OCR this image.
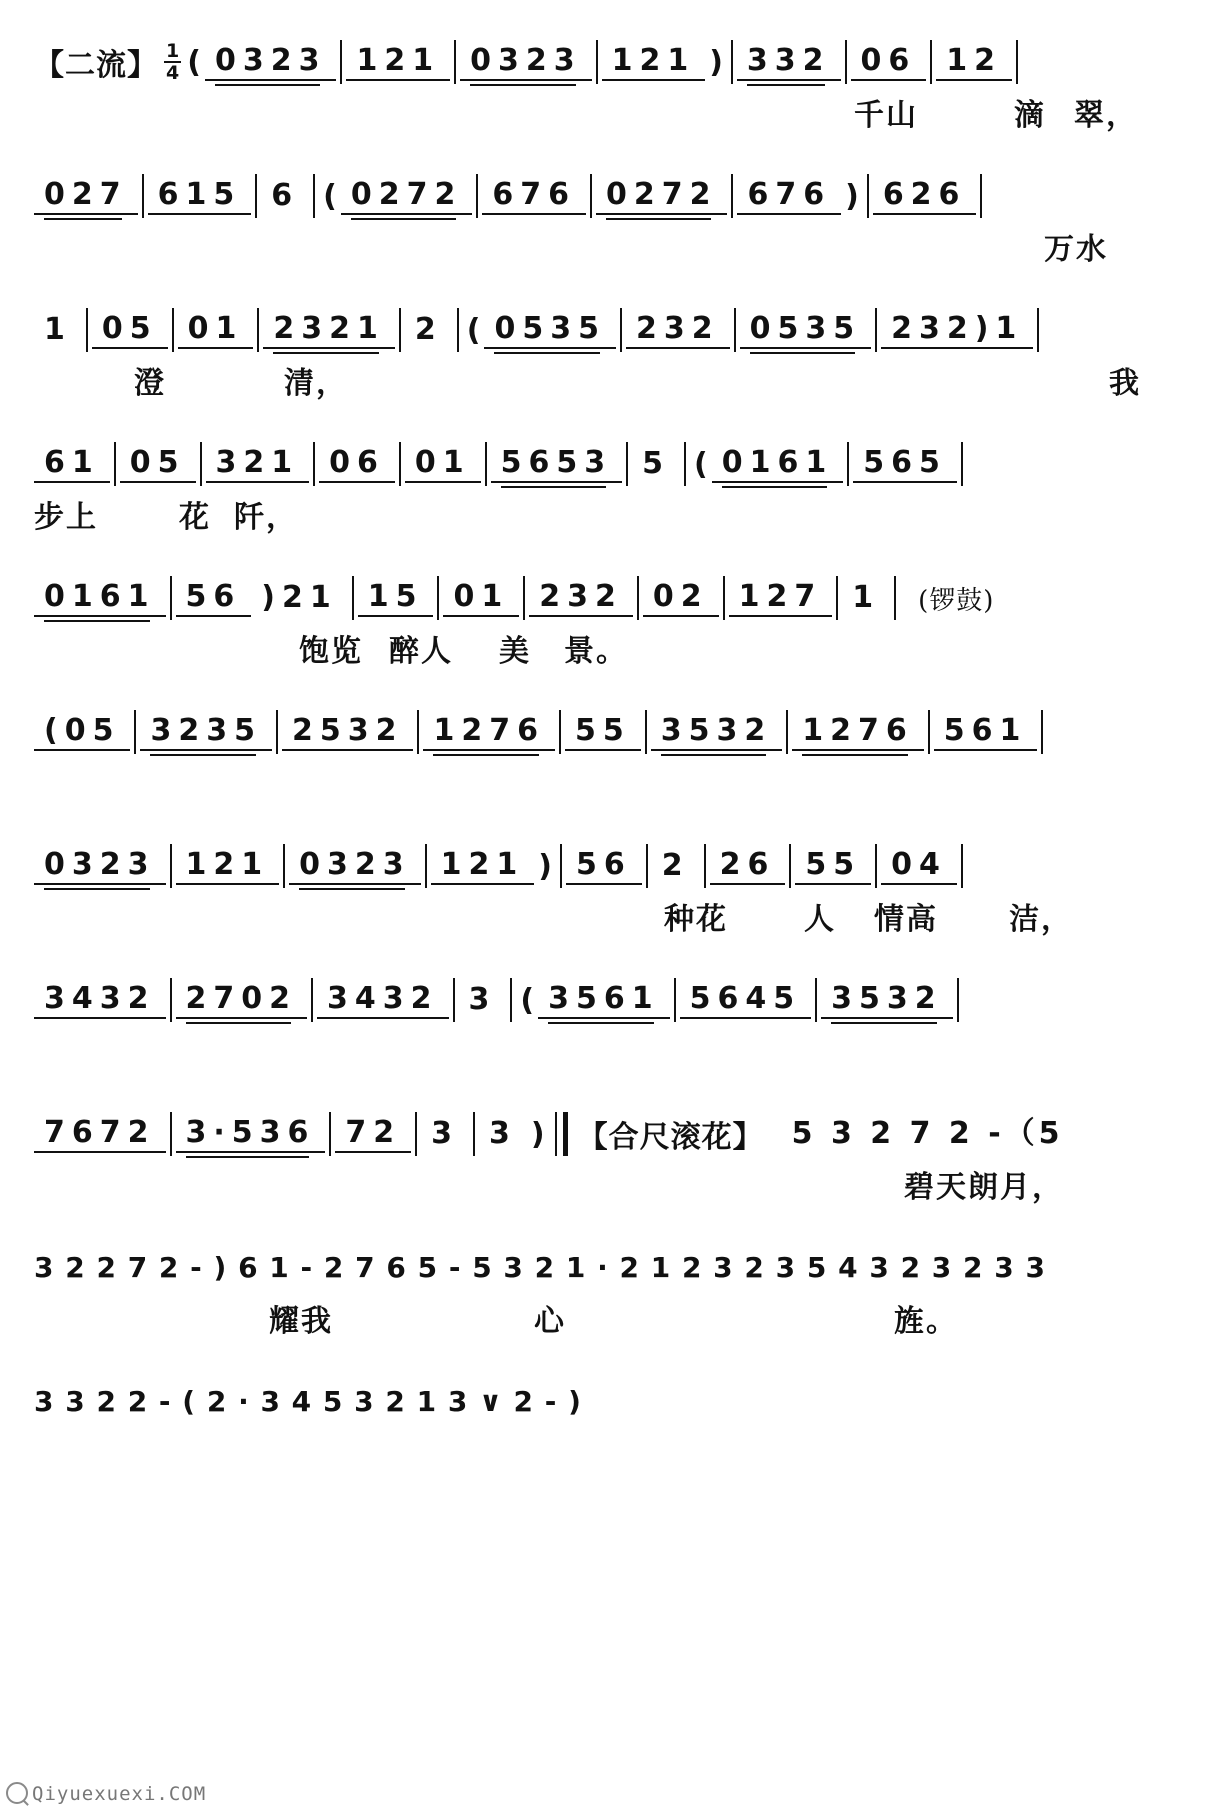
【二流】 1
4 ( 0323	121	0323	121 ) 332	06	12
千山	滴 翠，
027	615	6 ( 0272	676	0272	676 ) 626
万水
1	05	01	2321	2 ( 0535	232	0535	232)1
澄	清，	我
61	05	321	06	01	5653	5 ( 0161	565
步上	花 阡，
0161	56 )21	15	01	232	02	127	1	(锣鼓)
饱览 醉人 美 景。
(05	3235	2532	1276	55	3532	1276	561
0323	121	0323	121 ) 56	2	26	55	04
种花	人 情高 洁，
3432	2702	3432	3 ( 3561	5645	3532
7672	3·536	72	3	3 ) 【合尺滚花】 5 3 2 7 2 -（5
碧天朗月，
3 2 2 7 2 - ) 6 1 - 2 7 6 5 - 5 3 2 1 · 2 1 2 3 2 3 5 4 3 2 3 2 3 3
耀我	心	旌。
3 3 2 2 - ( 2 · 3 4 5 3 2 1 3 ∨ 2 - )
Qiyuexuexi.COM
